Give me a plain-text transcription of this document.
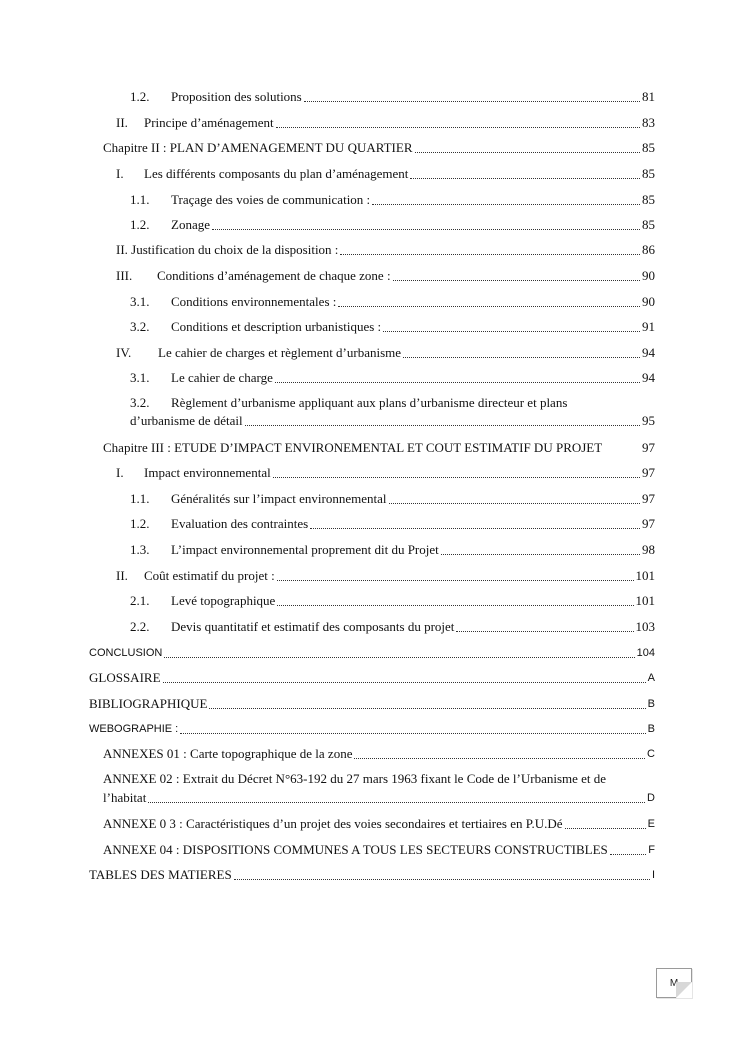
1.2.	Proposition des solutions	81
II.	Principe d’aménagement	83
Chapitre II : PLAN D’AMENAGEMENT DU QUARTIER	85
I.	Les différents composants du plan d’aménagement	85
1.1.	Traçage des voies de communication :	85
1.2.	Zonage	85
II. Justification du choix de la disposition :	86
III.	Conditions d’aménagement de chaque zone :	90
3.1.	Conditions environnementales :	90
3.2.	Conditions et description urbanistiques :	91
IV.	Le cahier de charges et règlement d’urbanisme	94
3.1.	Le cahier de charge	94
3.2. Règlement d’urbanisme appliquant aux plans d’urbanisme directeur et plans
d’urbanisme de détail	95
Chapitre III : ETUDE D’IMPACT ENVIRONEMENTAL ET COUT ESTIMATIF DU PROJET	97
I.	Impact environnemental	97
1.1.	Généralités sur l’impact environnemental	97
1.2.	Evaluation des contraintes	97
1.3.	L’impact environnemental proprement dit du Projet	98
II.	Coût estimatif du projet :	101
2.1.	Levé topographique	101
2.2.	Devis quantitatif et estimatif des composants du projet	103
CONCLUSION	104
GLOSSAIRE	A
BIBLIOGRAPHIQUE	B
WEBOGRAPHIE :	B
ANNEXES 01 : Carte topographique de la zone	C
ANNEXE 02 : Extrait du Décret N°63-192 du 27 mars 1963 fixant le Code de l’Urbanisme et de
l’habitat	D
ANNEXE 0 3 : Caractéristiques d’un projet des voies secondaires et tertiaires en P.U.Dé	E
ANNEXE 04 : DISPOSITIONS COMMUNES A TOUS LES SECTEURS CONSTRUCTIBLES	F
TABLES DES MATIERES	I
M
